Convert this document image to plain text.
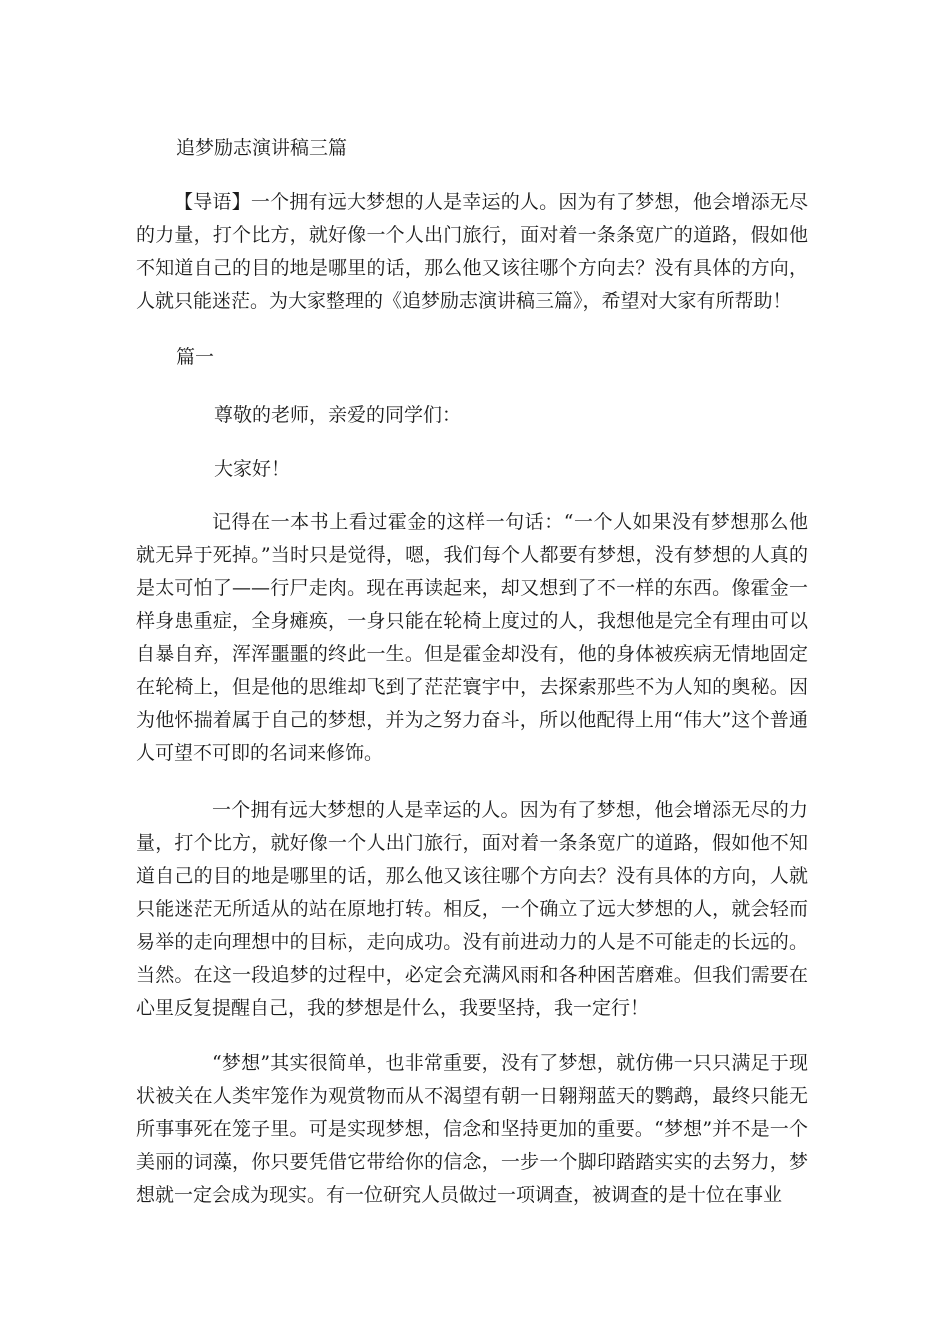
追梦励志演讲稿三篇

【导语】一个拥有远大梦想的人是幸运的人。因为有了梦想，他会增添无尽的力量，打个比方，就好像一个人出门旅行，面对着一条条宽广的道路，假如他不知道自己的目的地是哪里的话，那么他又该往哪个方向去？没有具体的方向，人就只能迷茫。为大家整理的《追梦励志演讲稿三篇》，希望对大家有所帮助！

篇一
尊敬的老师，亲爱的同学们：
大家好！

记得在一本书上看过霍金的这样一句话：“一个人如果没有梦想那么他就无异于死掉。”当时只是觉得，嗯，我们每个人都要有梦想，没有梦想的人真的是太可怕了——行尸走肉。现在再读起来，却又想到了不一样的东西。像霍金一样身患重症，全身瘫痪，一身只能在轮椅上度过的人，我想他是完全有理由可以自暴自弃，浑浑噩噩的终此一生。但是霍金却没有，他的身体被疾病无情地固定在轮椅上，但是他的思维却飞到了茫茫寰宇中，去探索那些不为人知的奥秘。因为他怀揣着属于自己的梦想，并为之努力奋斗，所以他配得上用“伟大”这个普通人可望不可即的名词来修饰。

一个拥有远大梦想的人是幸运的人。因为有了梦想，他会增添无尽的力量，打个比方，就好像一个人出门旅行，面对着一条条宽广的道路，假如他不知道自己的目的地是哪里的话，那么他又该往哪个方向去？没有具体的方向，人就只能迷茫无所适从的站在原地打转。相反，一个确立了远大梦想的人，就会轻而易举的走向理想中的目标，走向成功。没有前进动力的人是不可能走的长远的。当然。在这一段追梦的过程中，必定会充满风雨和各种困苦磨难。但我们需要在心里反复提醒自己，我的梦想是什么，我要坚持，我一定行！

“梦想”其实很简单，也非常重要，没有了梦想，就仿佛一只只满足于现状被关在人类牢笼作为观赏物而从不渴望有朝一日翱翔蓝天的鹦鹉，最终只能无所事事死在笼子里。可是实现梦想，信念和坚持更加的重要。“梦想”并不是一个美丽的词藻，你只要凭借它带给你的信念，一步一个脚印踏踏实实的去努力，梦想就一定会成为现实。有一位研究人员做过一项调查，被调查的是十位在事业
